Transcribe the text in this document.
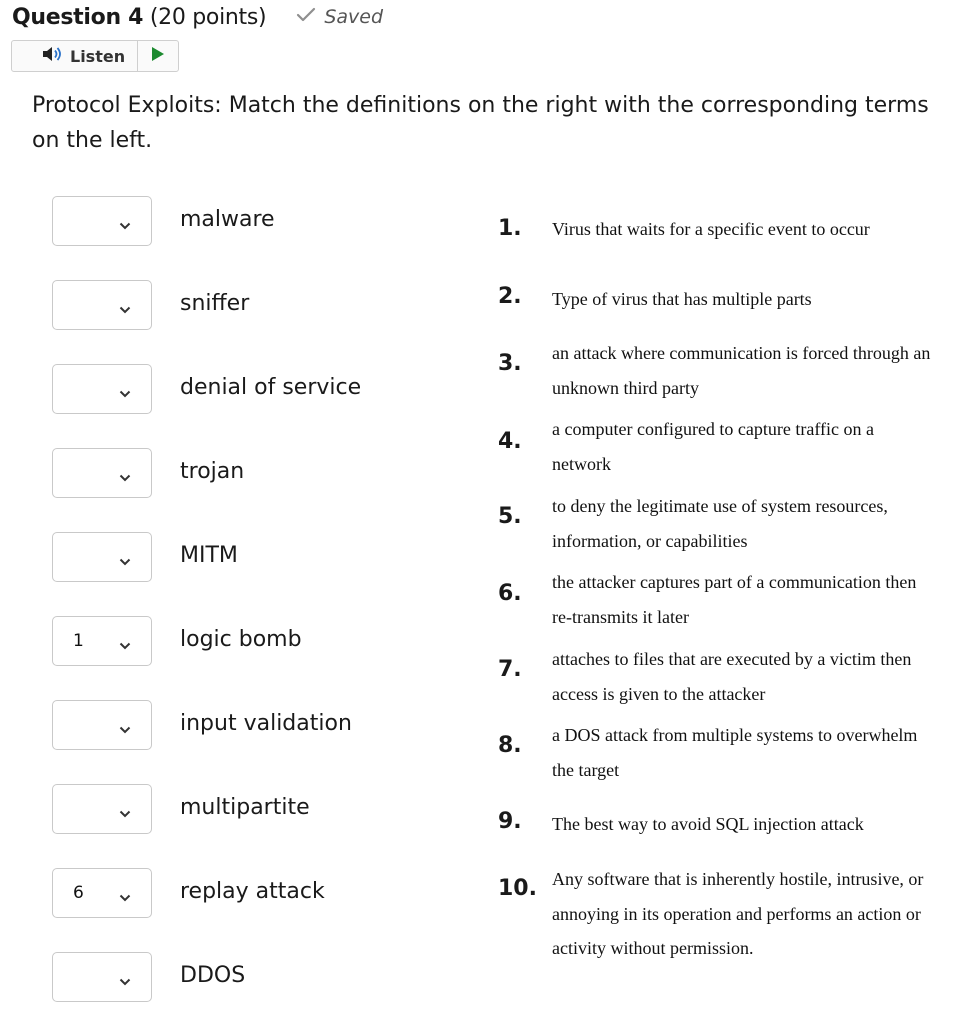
Question 4 (20 points)	Saved
Listen
Protocol Exploits: Match the definitions on the right with the corresponding terms on the left.
malware
sniffer
denial of service
trojan
MITM
1	logic bomb
input validation
multipartite
6	replay attack
DDOS
1. Virus that waits for a specific event to occur
2. Type of virus that has multiple parts
3. an attack where communication is forced through an unknown third party
4. a computer configured to capture traffic on a network
5. to deny the legitimate use of system resources, information, or capabilities
6. the attacker captures part of a communication then re-transmits it later
7. attaches to files that are executed by a victim then access is given to the attacker
8. a DOS attack from multiple systems to overwhelm the target
9. The best way to avoid SQL injection attack
10. Any software that is inherently hostile, intrusive, or annoying in its operation and performs an action or activity without permission.
